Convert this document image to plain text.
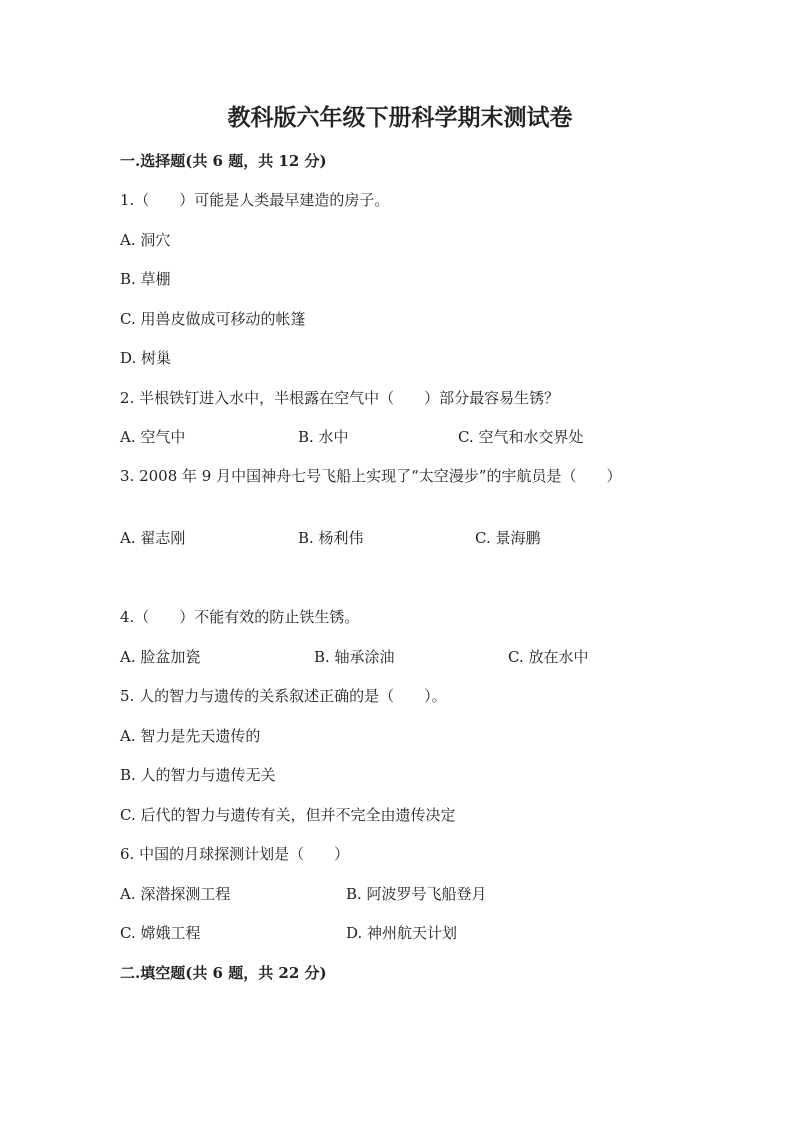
教科版六年级下册科学期末测试卷
一.选择题(共 6 题，共 12 分)
1.（　　）可能是人类最早建造的房子。
A. 洞穴
B. 草棚
C. 用兽皮做成可移动的帐篷
D. 树巢
2. 半根铁钉进入水中，半根露在空气中（　　）部分最容易生锈？
A. 空气中	B. 水中	C. 空气和水交界处
3. 2008 年 9 月中国神舟七号飞船上实现了“太空漫步”的宇航员是（　　）
A. 翟志刚	B. 杨利伟	C. 景海鹏
4.（　　）不能有效的防止铁生锈。
A. 脸盆加瓷	B. 轴承涂油	C. 放在水中
5. 人的智力与遗传的关系叙述正确的是（　　）。
A. 智力是先天遗传的
B. 人的智力与遗传无关
C. 后代的智力与遗传有关，但并不完全由遗传决定
6. 中国的月球探测计划是（　　）
A. 深潜探测工程	B. 阿波罗号飞船登月
C. 嫦娥工程	D. 神州航天计划
二.填空题(共 6 题，共 22 分)
